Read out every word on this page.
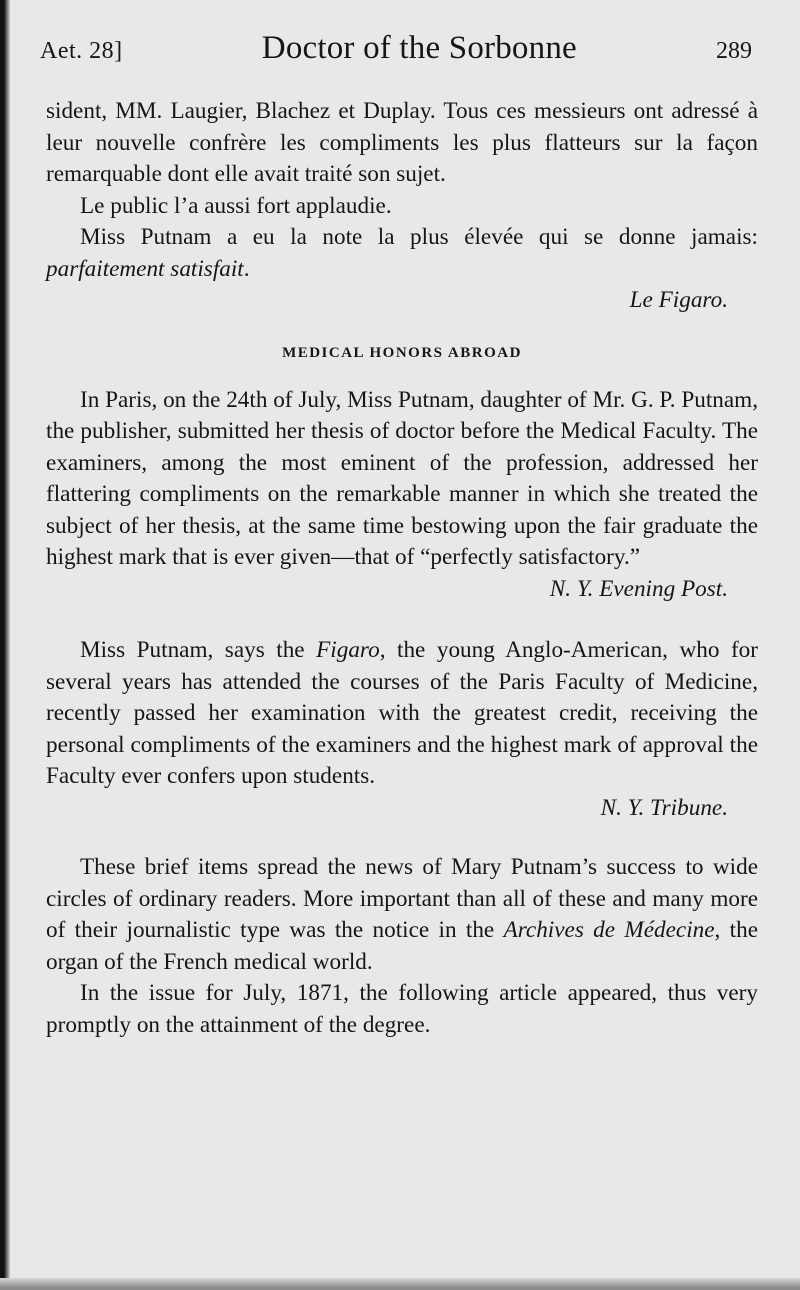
Aet. 28]	Doctor of the Sorbonne	289

sident, MM. Laugier, Blachez et Duplay. Tous ces messieurs ont adressé à leur nouvelle confrère les compliments les plus flatteurs sur la façon remarquable dont elle avait traité son sujet.

Le public l’a aussi fort applaudie.

Miss Putnam a eu la note la plus élevée qui se donne jamais: parfaitement satisfait.

Le Figaro.

MEDICAL HONORS ABROAD

In Paris, on the 24th of July, Miss Putnam, daughter of Mr. G. P. Putnam, the publisher, submitted her thesis of doctor before the Medical Faculty. The examiners, among the most eminent of the profession, addressed her flattering compliments on the remarkable manner in which she treated the subject of her thesis, at the same time bestowing upon the fair graduate the highest mark that is ever given—that of “perfectly satisfactory.”

N. Y. Evening Post.

Miss Putnam, says the Figaro, the young Anglo-American, who for several years has attended the courses of the Paris Faculty of Medicine, recently passed her examination with the greatest credit, receiving the personal compliments of the examiners and the highest mark of approval the Faculty ever confers upon students.

N. Y. Tribune.

These brief items spread the news of Mary Putnam’s success to wide circles of ordinary readers. More important than all of these and many more of their journalistic type was the notice in the Archives de Médecine, the organ of the French medical world.

In the issue for July, 1871, the following article appeared, thus very promptly on the attainment of the degree.
